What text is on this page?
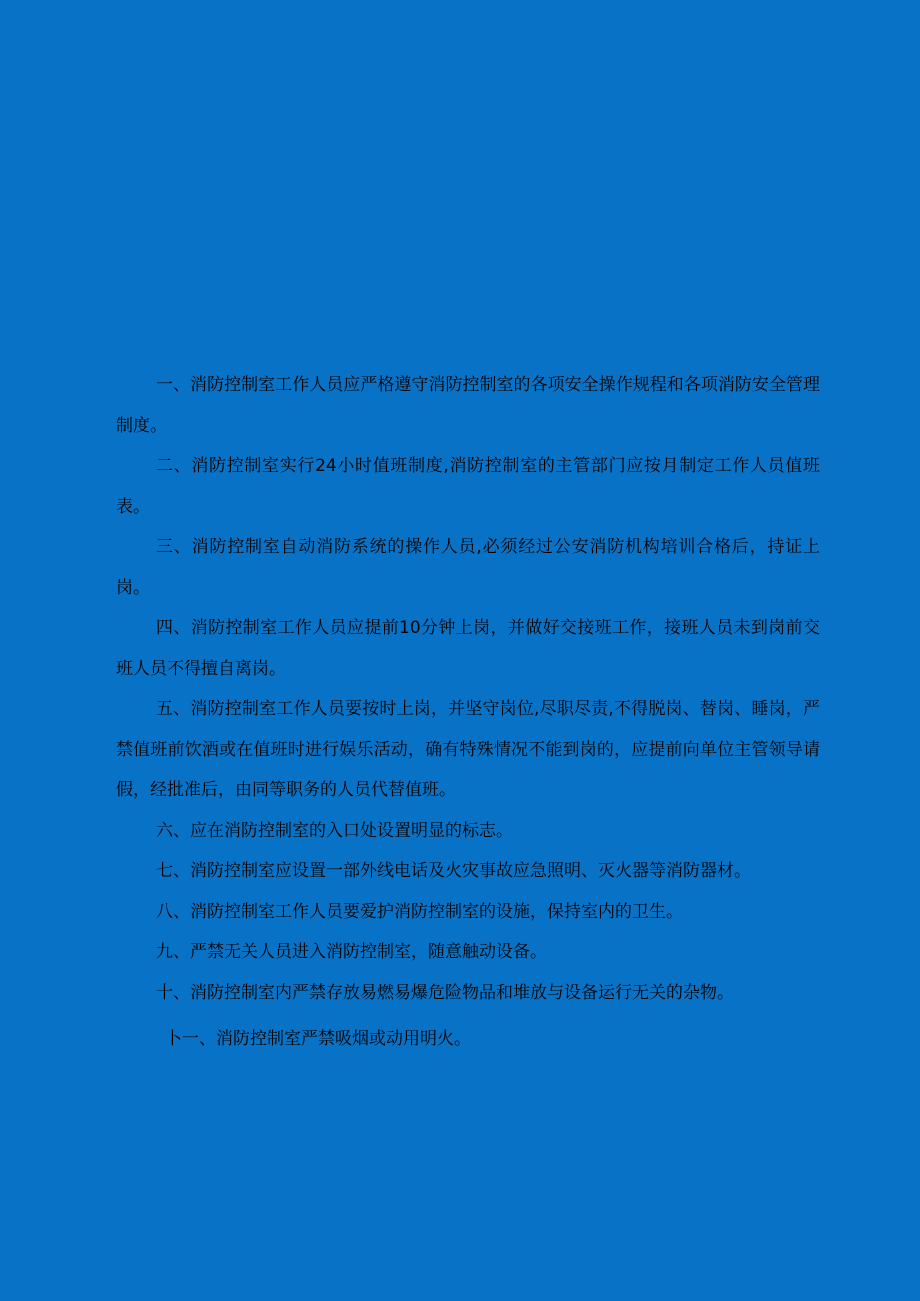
一、消防控制室工作人员应严格遵守消防控制室的各项安全操作规程和各项消防安全管理制度。

二、消防控制室实行24小时值班制度,消防控制室的主管部门应按月制定工作人员值班表。

三、消防控制室自动消防系统的操作人员,必须经过公安消防机构培训合格后，持证上岗。

四、消防控制室工作人员应提前10分钟上岗，并做好交接班工作，接班人员未到岗前交班人员不得擅自离岗。

五、消防控制室工作人员要按时上岗，并坚守岗位,尽职尽责,不得脱岗、替岗、睡岗，严禁值班前饮酒或在值班时进行娱乐活动，确有特殊情况不能到岗的，应提前向单位主管领导请假，经批准后，由同等职务的人员代替值班。

六、应在消防控制室的入口处设置明显的标志。

七、消防控制室应设置一部外线电话及火灾事故应急照明、灭火器等消防器材。

八、消防控制室工作人员要爱护消防控制室的设施，保持室内的卫生。

九、严禁无关人员进入消防控制室，随意触动设备。

十、消防控制室内严禁存放易燃易爆危险物品和堆放与设备运行无关的杂物。

卜一、消防控制室严禁吸烟或动用明火。
